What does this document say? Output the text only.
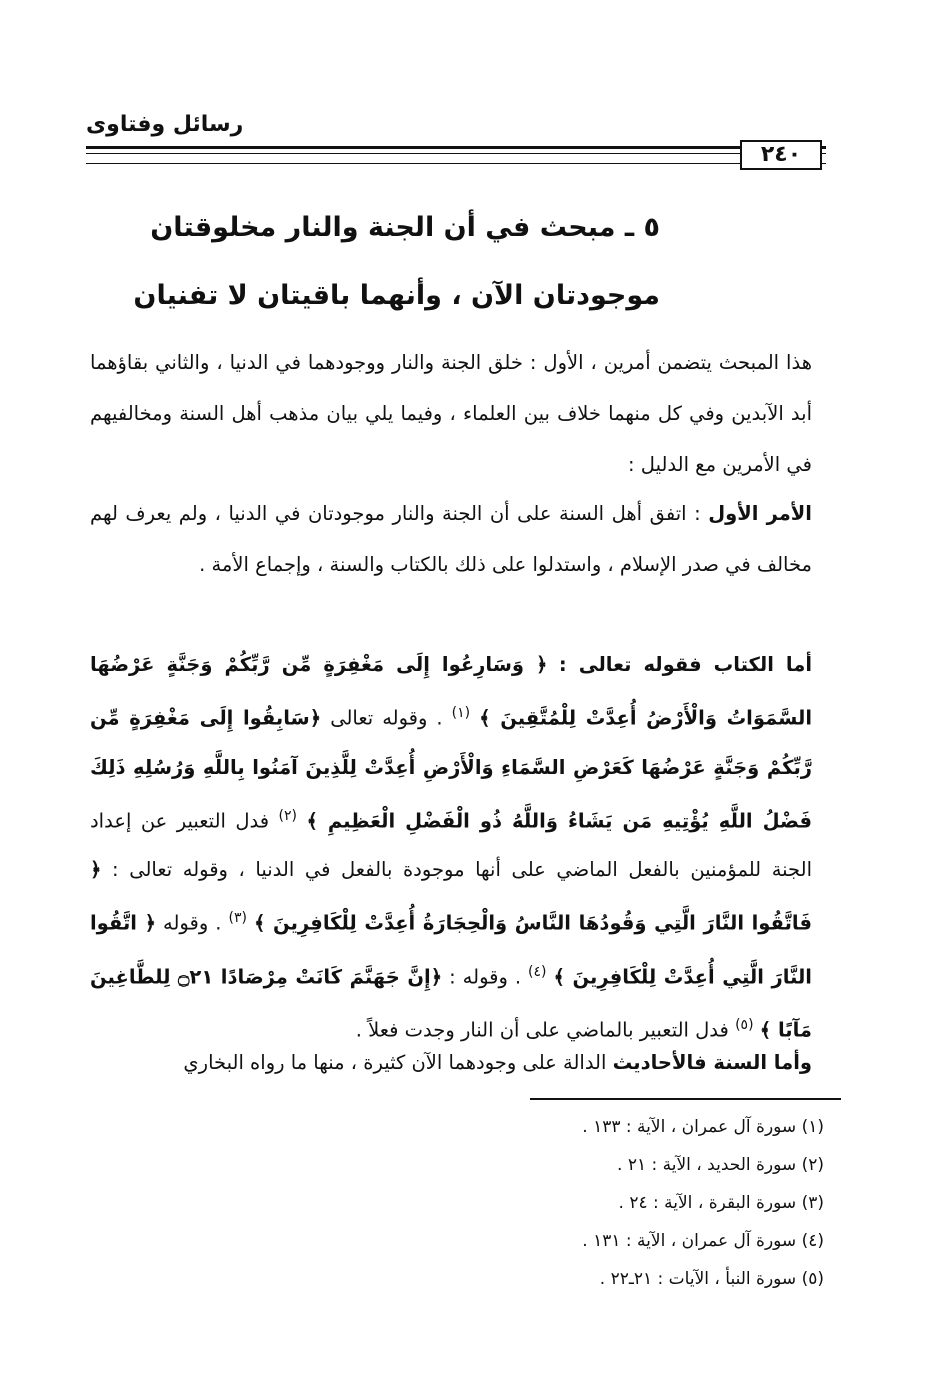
رسائل وفتاوى
٢٤٠
٥ ـ مبحث في أن الجنة والنار مخلوقتان
موجودتان الآن ، وأنهما باقيتان لا تفنيان
هذا المبحث يتضمن أمرين ، الأول : خلق الجنة والنار ووجودهما في الدنيا ، والثاني بقاؤهما أبد الآبدين وفي كل منهما خلاف بين العلماء ، وفيما يلي بيان مذهب أهل السنة ومخالفيهم في الأمرين مع الدليل :
الأمر الأول : اتفق أهل السنة على أن الجنة والنار موجودتان في الدنيا ، ولم يعرف لهم مخالف في صدر الإسلام ، واستدلوا على ذلك بالكتاب والسنة ، وإجماع الأمة .
أما الكتاب فقوله تعالى : ﴿ وَسَارِعُوا إِلَى مَغْفِرَةٍ مِّن رَّبِّكُمْ وَجَنَّةٍ عَرْضُهَا السَّمَوَاتُ وَالْأَرْضُ أُعِدَّتْ لِلْمُتَّقِينَ ﴾ $^{(١)}$ . وقوله تعالى ﴿سَابِقُوا إِلَى مَغْفِرَةٍ مِّن رَّبِّكُمْ وَجَنَّةٍ عَرْضُهَا كَعَرْضِ السَّمَاءِ وَالْأَرْضِ أُعِدَّتْ لِلَّذِينَ آمَنُوا بِاللَّهِ وَرُسُلِهِ ذَلِكَ فَضْلُ اللَّهِ يُؤْتِيهِ مَن يَشَاءُ وَاللَّهُ ذُو الْفَضْلِ الْعَظِيمِ ﴾ $^{(٢)}$ فدل التعبير عن إعداد الجنة للمؤمنين بالفعل الماضي على أنها موجودة بالفعل في الدنيا ، وقوله تعالى : ﴿ فَاتَّقُوا النَّارَ الَّتِي وَقُودُهَا النَّاسُ وَالْحِجَارَةُ أُعِدَّتْ لِلْكَافِرِينَ ﴾ $^{(٣)}$ . وقوله ﴿ اتَّقُوا النَّارَ الَّتِي أُعِدَّتْ لِلْكَافِرِينَ ﴾ $^{(٤)}$ . وقوله : ﴿إِنَّ جَهَنَّمَ كَانَتْ مِرْصَادًا ۝٢١ لِلطَّاغِينَ مَآبًا ﴾ $^{(٥)}$ فدل التعبير بالماضي على أن النار وجدت فعلاً .
وأما السنة فالأحاديث الدالة على وجودهما الآن كثيرة ، منها ما رواه البخاري
(١) سورة آل عمران ، الآية : ١٣٣ .
(٢) سورة الحديد ، الآية : ٢١ .
(٣) سورة البقرة ، الآية : ٢٤ .
(٤) سورة آل عمران ، الآية : ١٣١ .
(٥) سورة النبأ ، الآيات : ٢١ـ٢٢ .
